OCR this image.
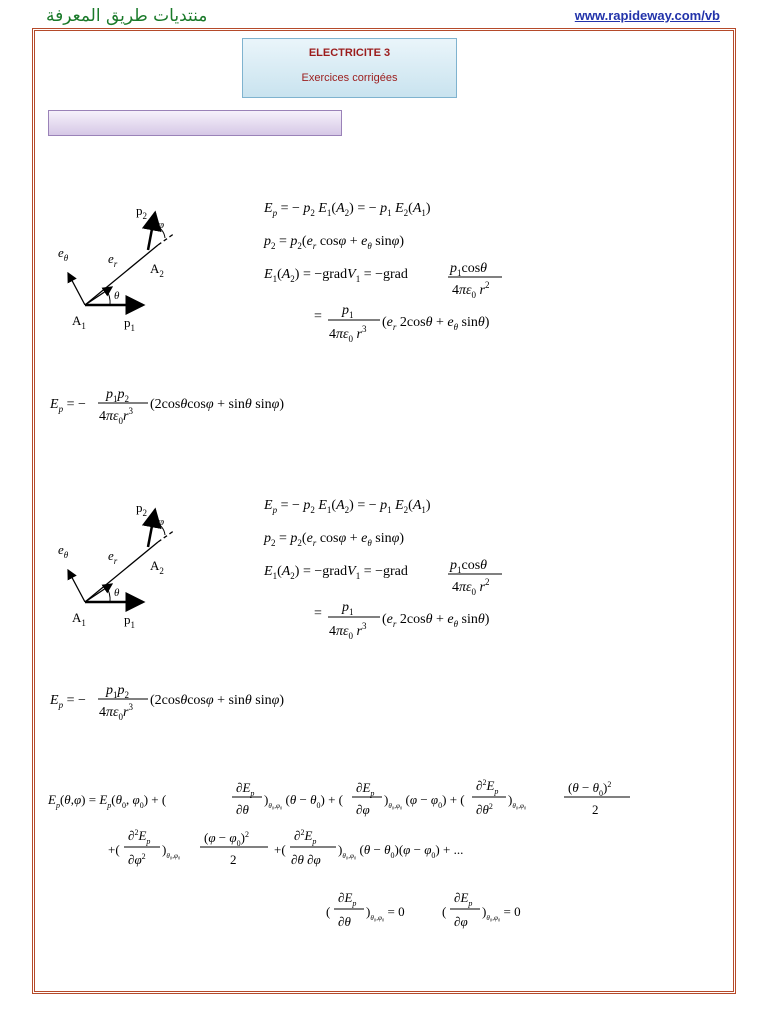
منتديات طريق المعرفة	www.rapideway.com/vb
ELECTRICITE 3
Exercices corrigées
$A_1$
$A_2$
$p_1$
$p_2$
$e_\theta$	$e_r$
θ
φ
$E_p$ = − $p_2$ $E_1(A_2)$ = − $p_1$ $E_2(A_1)$
$p_2 = p_2(e_r$ $\cos\varphi + e_\theta$ sinφ)
$E_1(A_2)$ = −gradV$_1$ = −grad	$p_1\cos\theta$
$4\pi\varepsilon_0$ $r^2$
= $p_1$
$4\pi\varepsilon_0$ $r^3$ ($e_r$ $2\cos\theta + e_\theta$ sinθ)
$E_p$ = −
$p_1p_2$
$4\pi\varepsilon_0r^3$ (2cosθcosφ + sinθ sinφ)
$A_1$
$A_2$
$p_1$
$p_2$
$e_\theta$	$e_r$
θ
φ
$E_p$ = − $p_2$ $E_1(A_2)$ = − $p_1$ $E_2(A_1)$
$p_2 = p_2(e_r$ $\cos\varphi + e_\theta$ sinφ)
$E_1(A_2)$ = −gradV$_1$ = −grad	$p_1\cos\theta$
$4\pi\varepsilon_0$ $r^2$
= $p_1$
$4\pi\varepsilon_0$ $r^3$ ($e_r$ $2\cos\theta + e_\theta$ sinθ)
$E_p$ = −
$p_1p_2$
$4\pi\varepsilon_0r^3$ (2cosθcosφ + sinθ sinφ)
$E_p(\theta,\varphi) = E_p(\theta_0$, $\varphi_0$) + (
$\partial E_p$
∂θ
)$_{\theta_0,\varphi_0}$ $(\theta - \theta_0)$ + (
$\partial E_p$
∂φ
)$_{\theta_0,\varphi_0}$ $(\varphi - \varphi_0)$ + (
$\partial^2E_p$
$\partial\theta^2$ )$_{\theta_0,\varphi_0}$
$(\theta - \theta_0)^2$
2
+(
$\partial^2E_p$
$\partial\varphi^2$ )$_{\theta_0,\varphi_0}$
$(\varphi - \varphi_0)^2$
2
+(
$\partial^2E_p$
∂θ ∂φ
)$_{\theta_0,\varphi_0}$ $(\theta - \theta_0)(\varphi - \varphi_0)$ + ...
(
$\partial E_p$
∂θ
)$_{\theta_0,\varphi_0} = 0$	(
$\partial E_p$
∂φ
)$_{\theta_0,\varphi_0} = 0$
